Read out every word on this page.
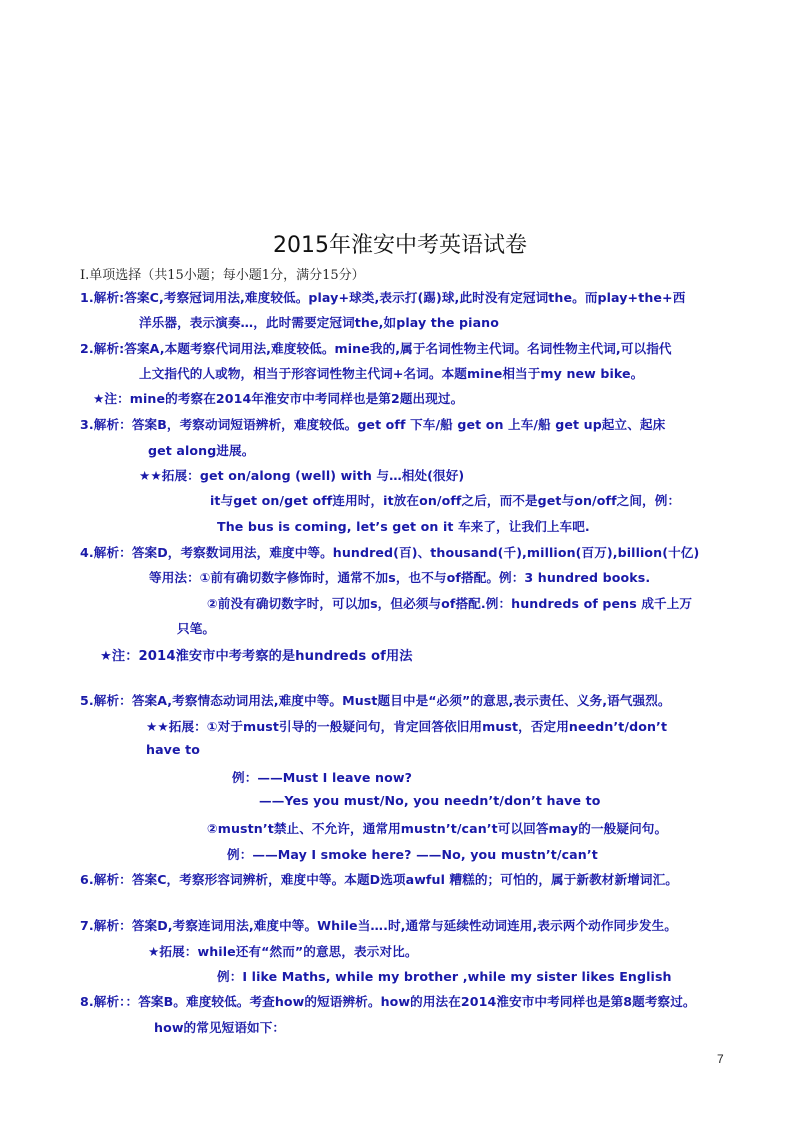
2015年淮安中考英语试卷
Ⅰ.单项选择（共15小题；每小题1分，满分15分）
1.解析:答案C,考察冠词用法,难度较低。play+球类,表示打(踢)球,此时没有定冠词the。而play+the+西
洋乐器，表示演奏…，此时需要定冠词the,如play the piano
2.解析:答案A,本题考察代词用法,难度较低。mine我的,属于名词性物主代词。名词性物主代词,可以指代
上文指代的人或物，相当于形容词性物主代词+名词。本题mine相当于my new bike。
★注：mine的考察在2014年淮安市中考同样也是第2题出现过。
3.解析：答案B，考察动词短语辨析，难度较低。get off 下车/船 get on 上车/船 get up起立、起床
get along进展。
★★拓展：get on/along (well) with 与…相处(很好)
it与get on/get off连用时，it放在on/off之后，而不是get与on/off之间，例：
The bus is coming, let’s get on it 车来了，让我们上车吧.
4.解析：答案D，考察数词用法，难度中等。hundred(百)、thousand(千),million(百万),billion(十亿)
等用法：①前有确切数字修饰时，通常不加s，也不与of搭配。例：3 hundred books.
②前没有确切数字时，可以加s，但必须与of搭配.例：hundreds of pens 成千上万
只笔。
★注：2014淮安市中考考察的是hundreds of用法
5.解析：答案A,考察情态动词用法,难度中等。Must题目中是“必须”的意思,表示责任、义务,语气强烈。
★★拓展：①对于must引导的一般疑问句，肯定回答依旧用must，否定用needn’t/don’t
have to
例：——Must I leave now?
——Yes you must/No, you needn’t/don’t have to
②mustn’t禁止、不允许，通常用mustn’t/can’t可以回答may的一般疑问句。
例：——May I smoke here? ——No, you mustn’t/can’t
6.解析：答案C，考察形容词辨析，难度中等。本题D选项awful 糟糕的；可怕的，属于新教材新增词汇。
7.解析：答案D,考察连词用法,难度中等。While当….时,通常与延续性动词连用,表示两个动作同步发生。
★拓展：while还有“然而”的意思，表示对比。
例：I like Maths, while my brother ,while my sister likes English
8.解析：：答案B。难度较低。考查how的短语辨析。how的用法在2014淮安市中考同样也是第8题考察过。
how的常见短语如下：
7
